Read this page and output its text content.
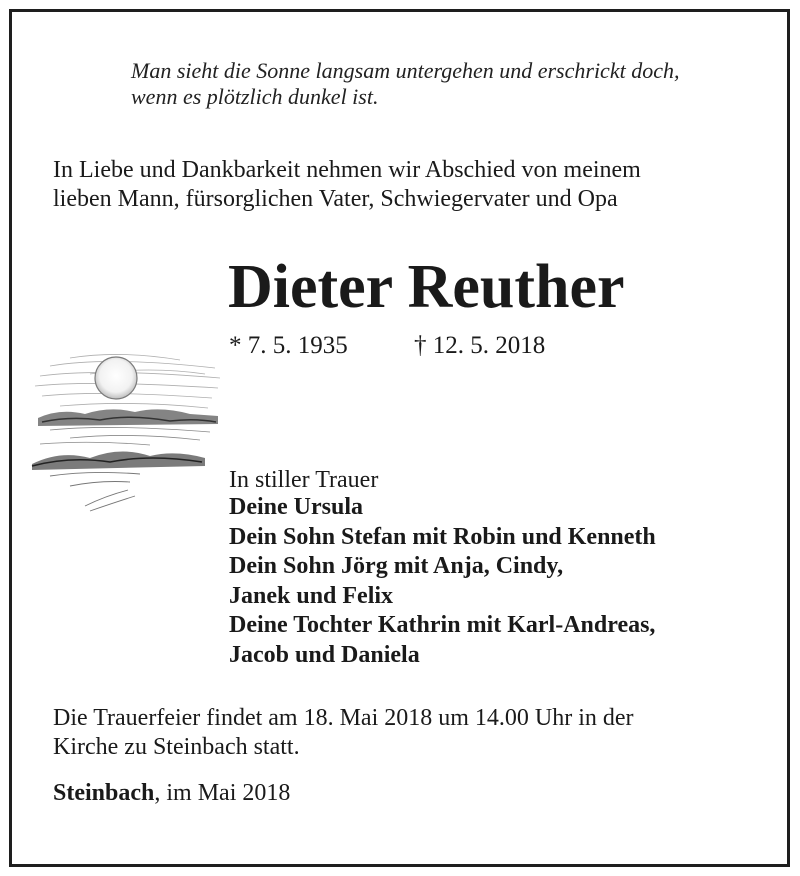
Man sieht die Sonne langsam untergehen und erschrickt doch,
wenn es plötzlich dunkel ist.
In Liebe und Dankbarkeit nehmen wir Abschied von meinem
lieben Mann, fürsorglichen Vater, Schwiegervater und Opa
Dieter Reuther
* 7. 5. 1935	† 12. 5. 2018
In stiller Trauer
Deine Ursula
Dein Sohn Stefan mit Robin und Kenneth
Dein Sohn Jörg mit Anja, Cindy,
Janek und Felix
Deine Tochter Kathrin mit Karl-Andreas,
Jacob und Daniela
Die Trauerfeier findet am 18. Mai 2018 um 14.00 Uhr in der
Kirche zu Steinbach statt.
Steinbach, im Mai 2018
